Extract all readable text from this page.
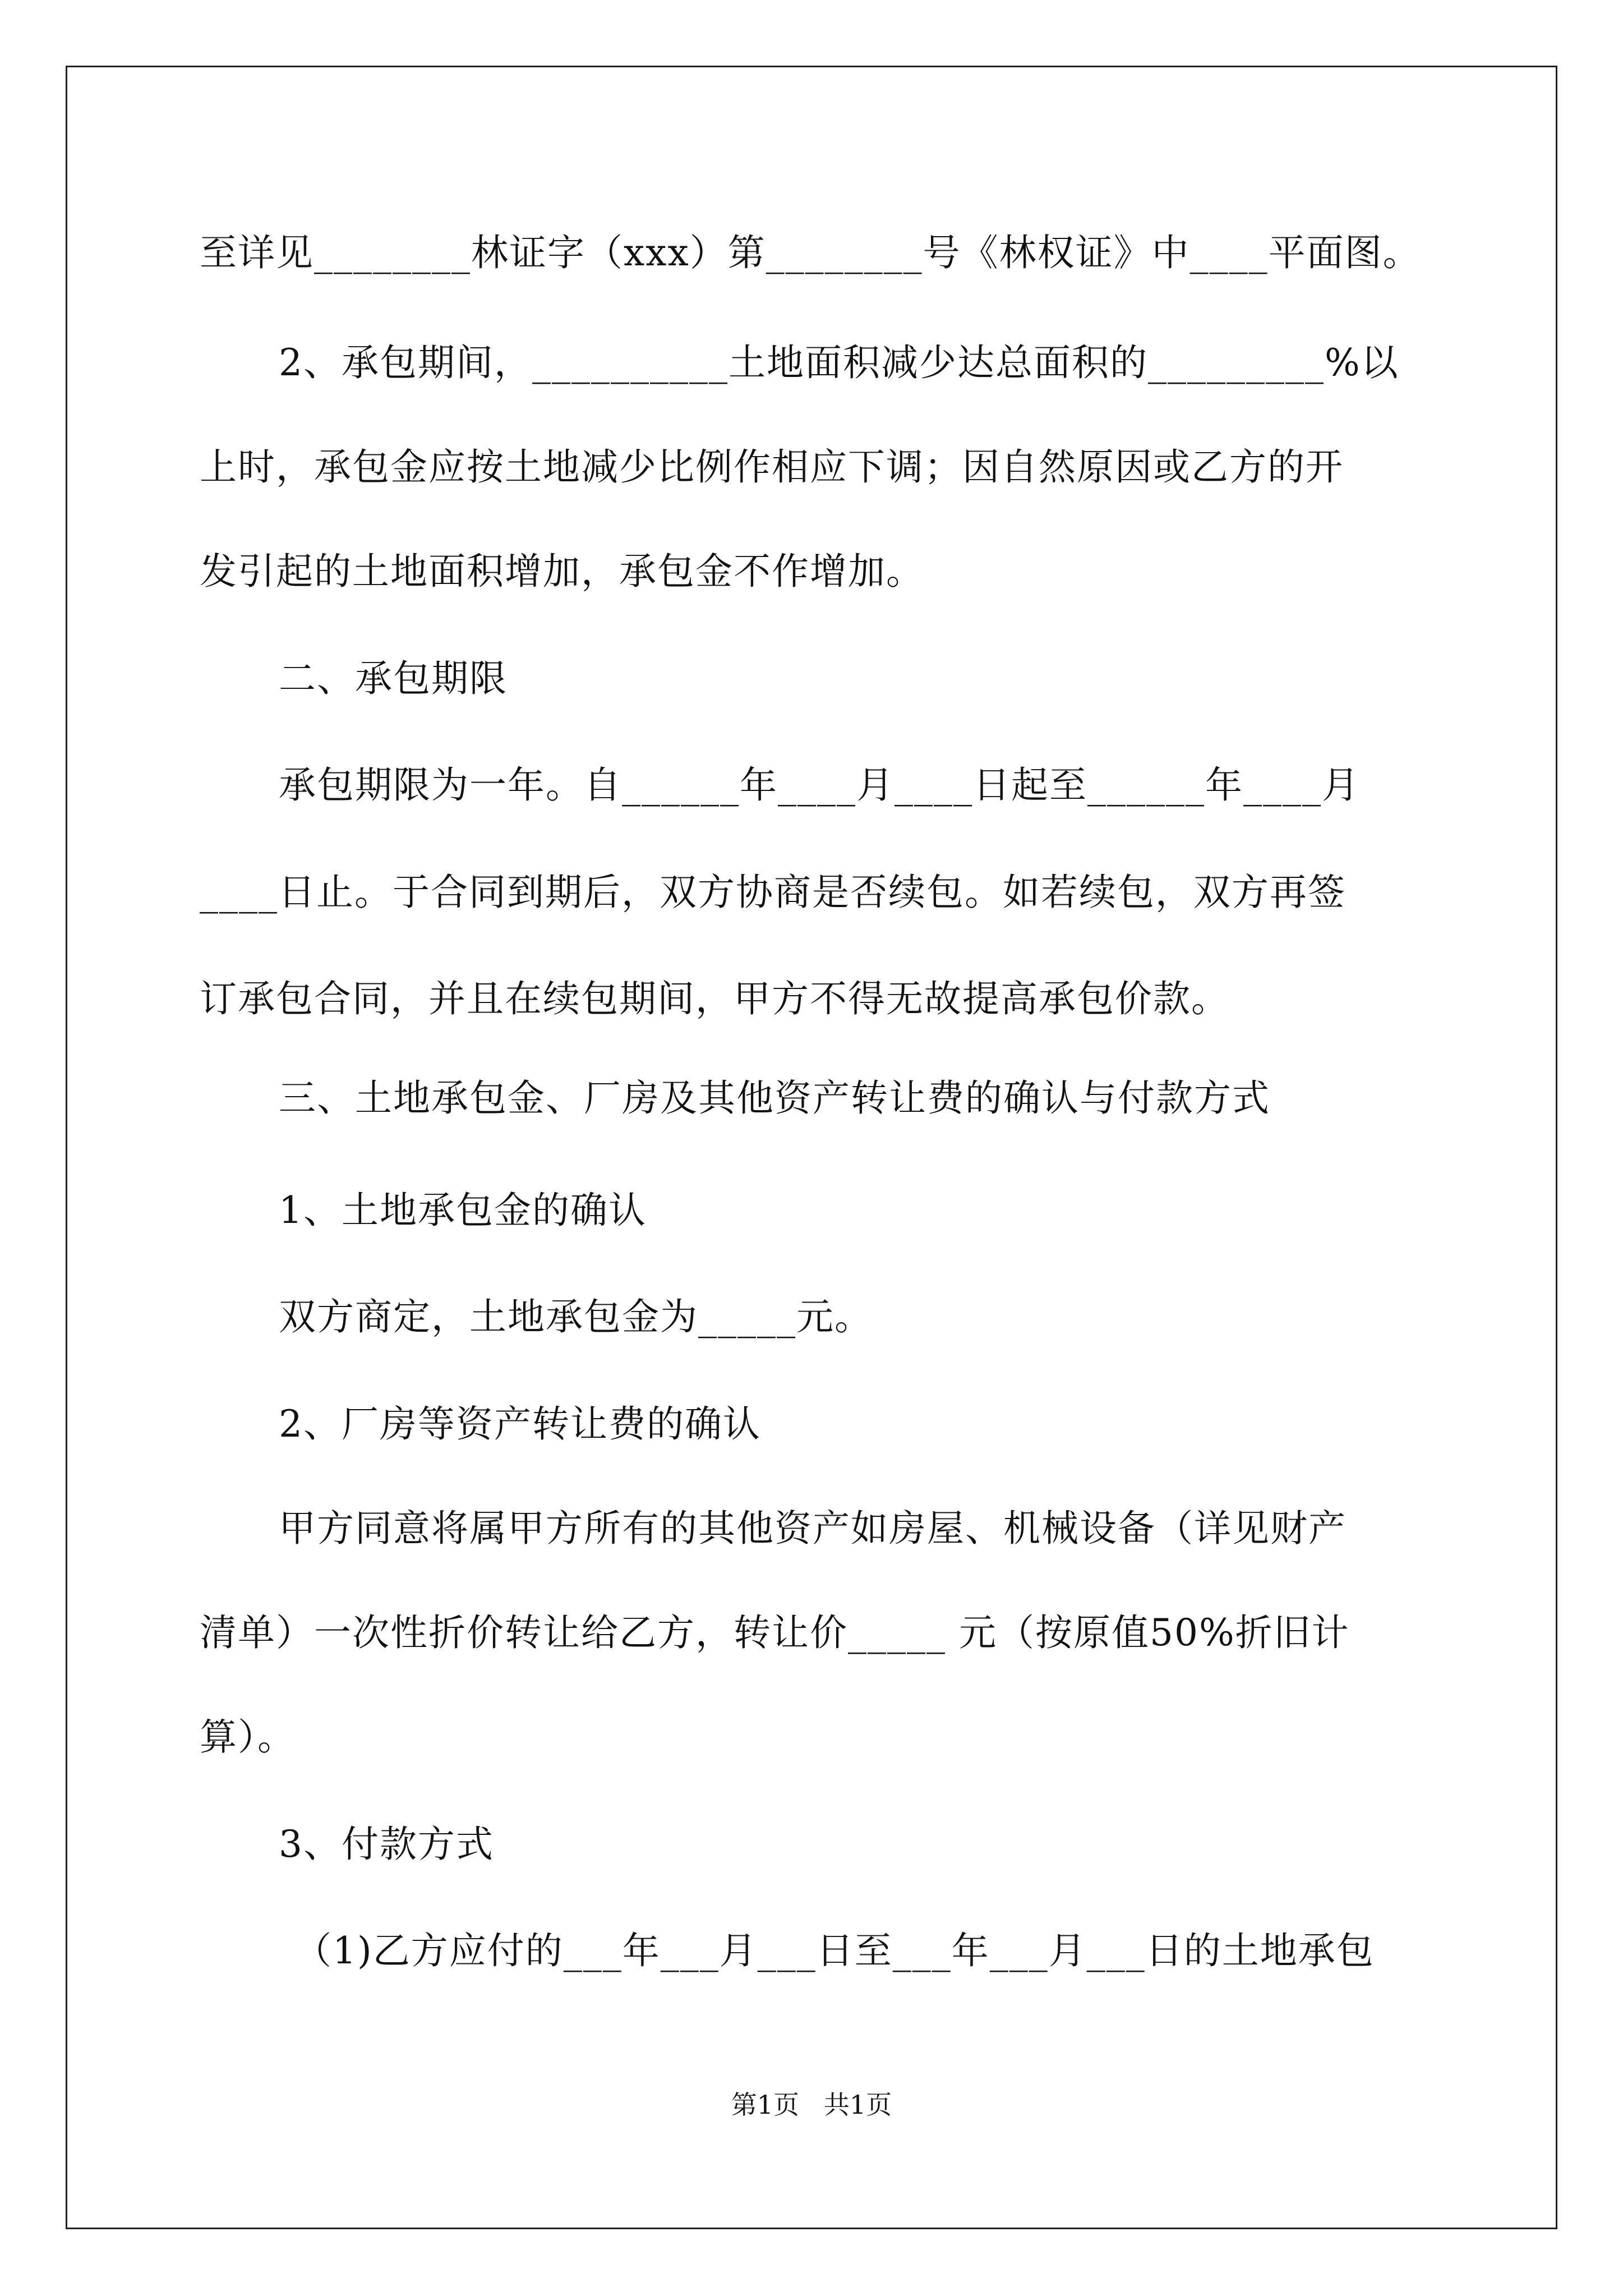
至详见________林证字（xxx）第________号《林权证》中____平面图。
2、承包期间，__________土地面积减少达总面积的_________%以
上时，承包金应按土地减少比例作相应下调；因自然原因或乙方的开
发引起的土地面积增加，承包金不作增加。
二、承包期限
承包期限为一年。自______年____月____日起至______年____月
____日止。于合同到期后，双方协商是否续包。如若续包，双方再签
订承包合同，并且在续包期间，甲方不得无故提高承包价款。
三、土地承包金、厂房及其他资产转让费的确认与付款方式
1、土地承包金的确认
双方商定，土地承包金为_____元。
2、厂房等资产转让费的确认
甲方同意将属甲方所有的其他资产如房屋、机械设备（详见财产
清单）一次性折价转让给乙方，转让价_____ 元（按原值50%折旧计
算）。
3、付款方式
（1)乙方应付的___年___月___日至___年___月___日的土地承包
第1页   共1页
